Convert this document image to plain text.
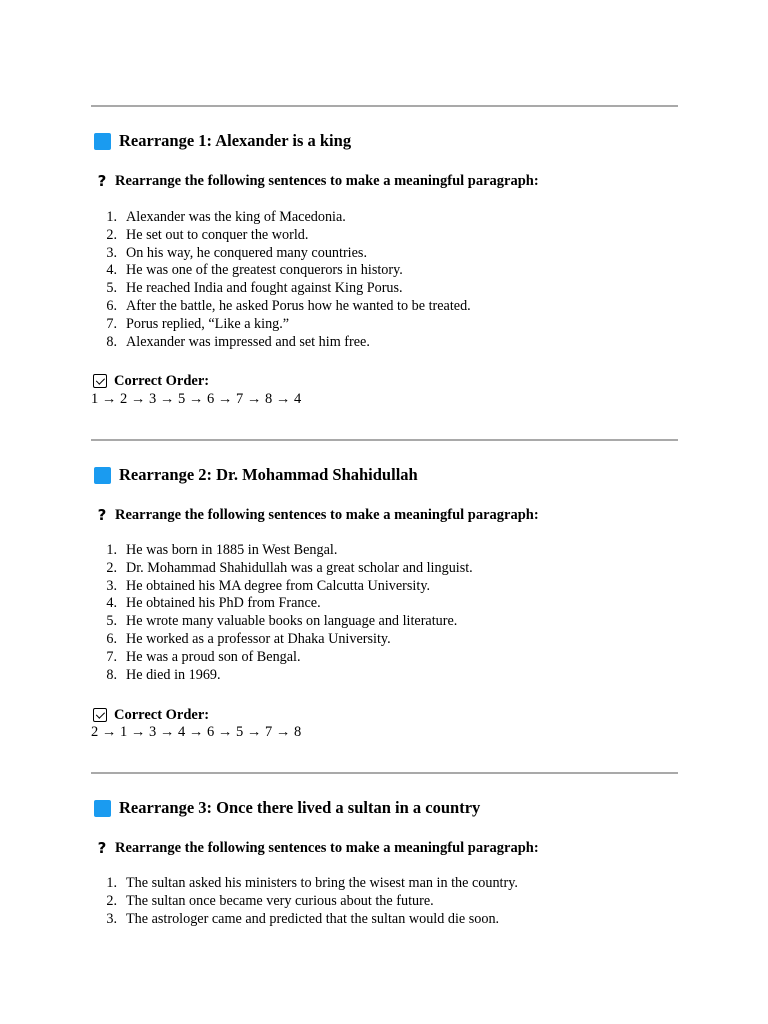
Rearrange 1: Alexander is a king
? Rearrange the following sentences to make a meaningful paragraph:
1. Alexander was the king of Macedonia.
2. He set out to conquer the world.
3. On his way, he conquered many countries.
4. He was one of the greatest conquerors in history.
5. He reached India and fought against King Porus.
6. After the battle, he asked Porus how he wanted to be treated.
7. Porus replied, “Like a king.”
8. Alexander was impressed and set him free.
Correct Order:
1 → 2 → 3 → 5 → 6 → 7 → 8 → 4
Rearrange 2: Dr. Mohammad Shahidullah
? Rearrange the following sentences to make a meaningful paragraph:
1. He was born in 1885 in West Bengal.
2. Dr. Mohammad Shahidullah was a great scholar and linguist.
3. He obtained his MA degree from Calcutta University.
4. He obtained his PhD from France.
5. He wrote many valuable books on language and literature.
6. He worked as a professor at Dhaka University.
7. He was a proud son of Bengal.
8. He died in 1969.
Correct Order:
2 → 1 → 3 → 4 → 6 → 5 → 7 → 8
Rearrange 3: Once there lived a sultan in a country
? Rearrange the following sentences to make a meaningful paragraph:
1. The sultan asked his ministers to bring the wisest man in the country.
2. The sultan once became very curious about the future.
3. The astrologer came and predicted that the sultan would die soon.
